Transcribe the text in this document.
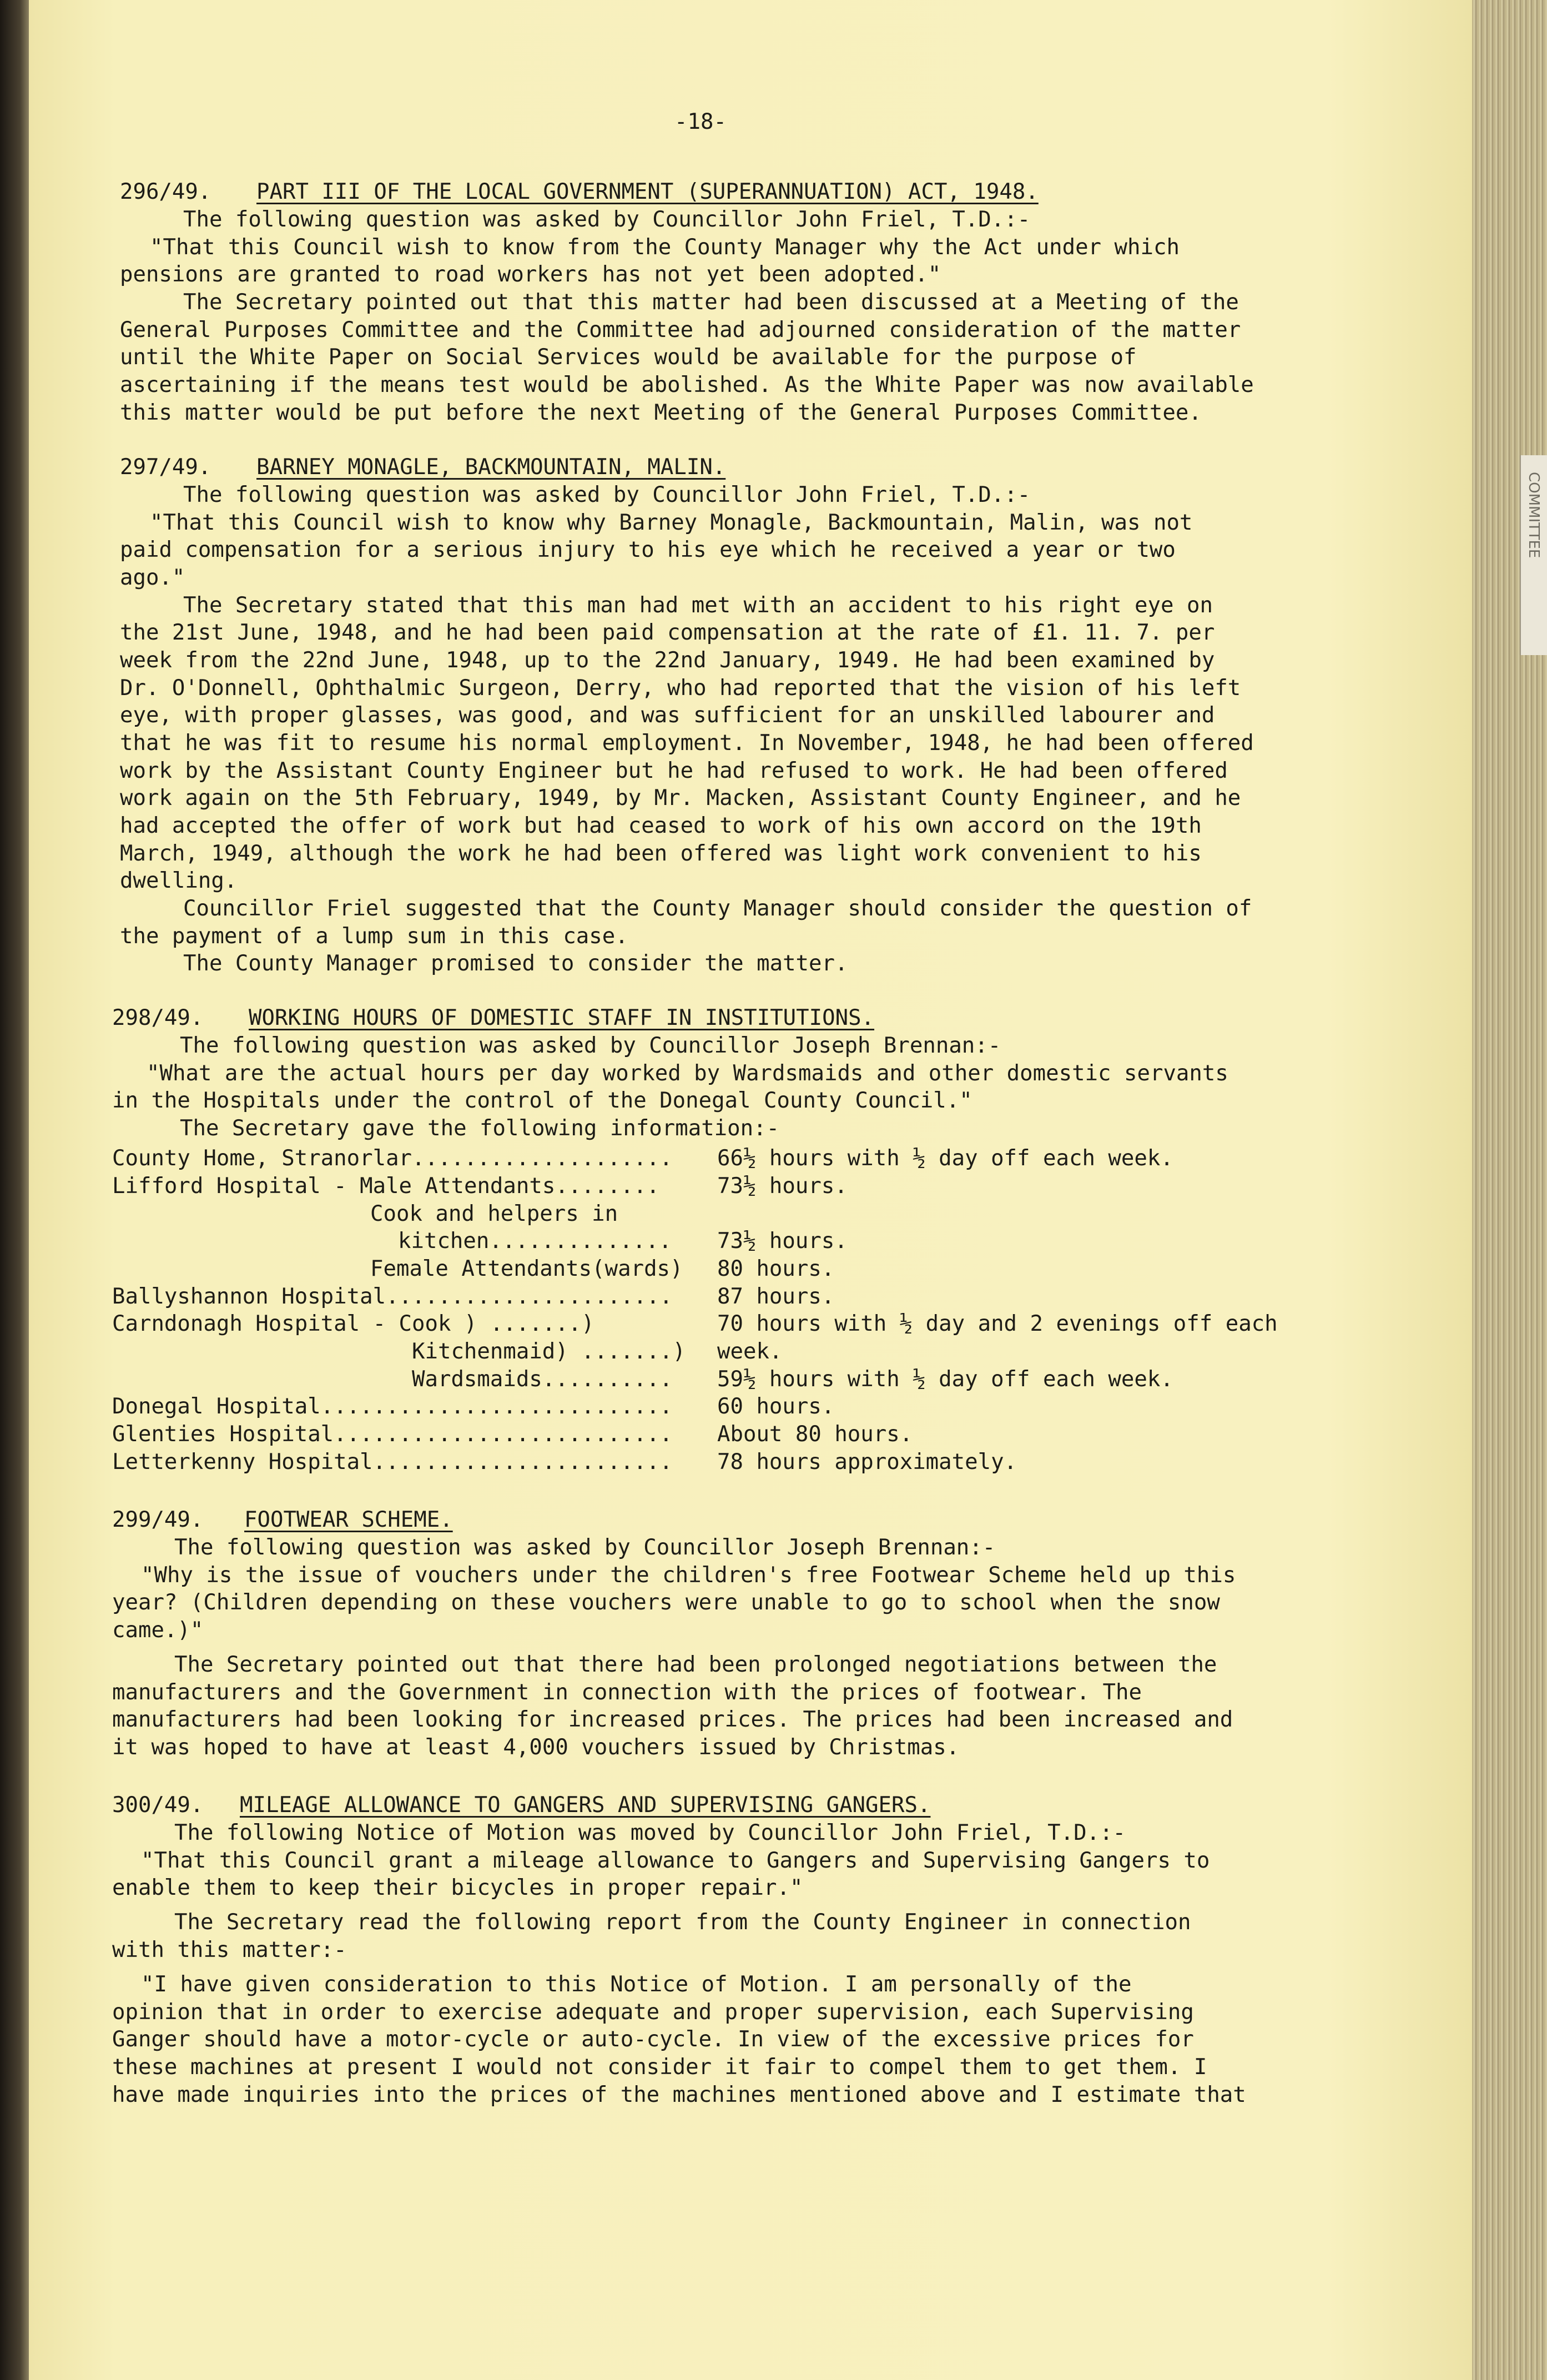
-18-
296/49. PART III OF THE LOCAL GOVERNMENT (SUPERANNUATION) ACT, 1948.
The following question was asked by Councillor John Friel, T.D.:-
"That this Council wish to know from the County Manager why the Act under which
pensions are granted to road workers has not yet been adopted."
The Secretary pointed out that this matter had been discussed at a Meeting of the
General Purposes Committee and the Committee had adjourned consideration of the matter
until the White Paper on Social Services would be available for the purpose of
ascertaining if the means test would be abolished. As the White Paper was now available
this matter would be put before the next Meeting of the General Purposes Committee.
297/49. BARNEY MONAGLE, BACKMOUNTAIN, MALIN.
The following question was asked by Councillor John Friel, T.D.:-
"That this Council wish to know why Barney Monagle, Backmountain, Malin, was not
paid compensation for a serious injury to his eye which he received a year or two
ago."
The Secretary stated that this man had met with an accident to his right eye on
the 21st June, 1948, and he had been paid compensation at the rate of £1. 11. 7. per
week from the 22nd June, 1948, up to the 22nd January, 1949. He had been examined by
Dr. O'Donnell, Ophthalmic Surgeon, Derry, who had reported that the vision of his left
eye, with proper glasses, was good, and was sufficient for an unskilled labourer and
that he was fit to resume his normal employment. In November, 1948, he had been offered
work by the Assistant County Engineer but he had refused to work. He had been offered
work again on the 5th February, 1949, by Mr. Macken, Assistant County Engineer, and he
had accepted the offer of work but had ceased to work of his own accord on the 19th
March, 1949, although the work he had been offered was light work convenient to his
dwelling.
Councillor Friel suggested that the County Manager should consider the question of
the payment of a lump sum in this case.
The County Manager promised to consider the matter.
298/49. WORKING HOURS OF DOMESTIC STAFF IN INSTITUTIONS.
The following question was asked by Councillor Joseph Brennan:-
"What are the actual hours per day worked by Wardsmaids and other domestic servants
in the Hospitals under the control of the Donegal County Council."
The Secretary gave the following information:-
County Home, Stranorlar.................... 66½ hours with ½ day off each week.
Lifford Hospital - Male Attendants........	73½ hours.
Cook and helpers in
kitchen.............. 73½ hours.
Female Attendants(wards) 80 hours.
Ballyshannon Hospital...................... 87 hours.
Carndonagh Hospital - Cook ) .......)	70 hours with ½ day and 2 evenings off each
Kitchenmaid) .......) week.
Wardsmaids.......... 59½ hours with ½ day off each week.
Donegal Hospital........................... 60 hours.
Glenties Hospital.......................... About 80 hours.
Letterkenny Hospital....................... 78 hours approximately.
299/49. FOOTWEAR SCHEME.
The following question was asked by Councillor Joseph Brennan:-
"Why is the issue of vouchers under the children's free Footwear Scheme held up this
year? (Children depending on these vouchers were unable to go to school when the snow
came.)"
The Secretary pointed out that there had been prolonged negotiations between the
manufacturers and the Government in connection with the prices of footwear. The
manufacturers had been looking for increased prices. The prices had been increased and
it was hoped to have at least 4,000 vouchers issued by Christmas.
300/49. MILEAGE ALLOWANCE TO GANGERS AND SUPERVISING GANGERS.
The following Notice of Motion was moved by Councillor John Friel, T.D.:-
"That this Council grant a mileage allowance to Gangers and Supervising Gangers to
enable them to keep their bicycles in proper repair."
The Secretary read the following report from the County Engineer in connection
with this matter:-
"I have given consideration to this Notice of Motion. I am personally of the
opinion that in order to exercise adequate and proper supervision, each Supervising
Ganger should have a motor-cycle or auto-cycle. In view of the excessive prices for
these machines at present I would not consider it fair to compel them to get them. I
have made inquiries into the prices of the machines mentioned above and I estimate that
COMMITTEE
